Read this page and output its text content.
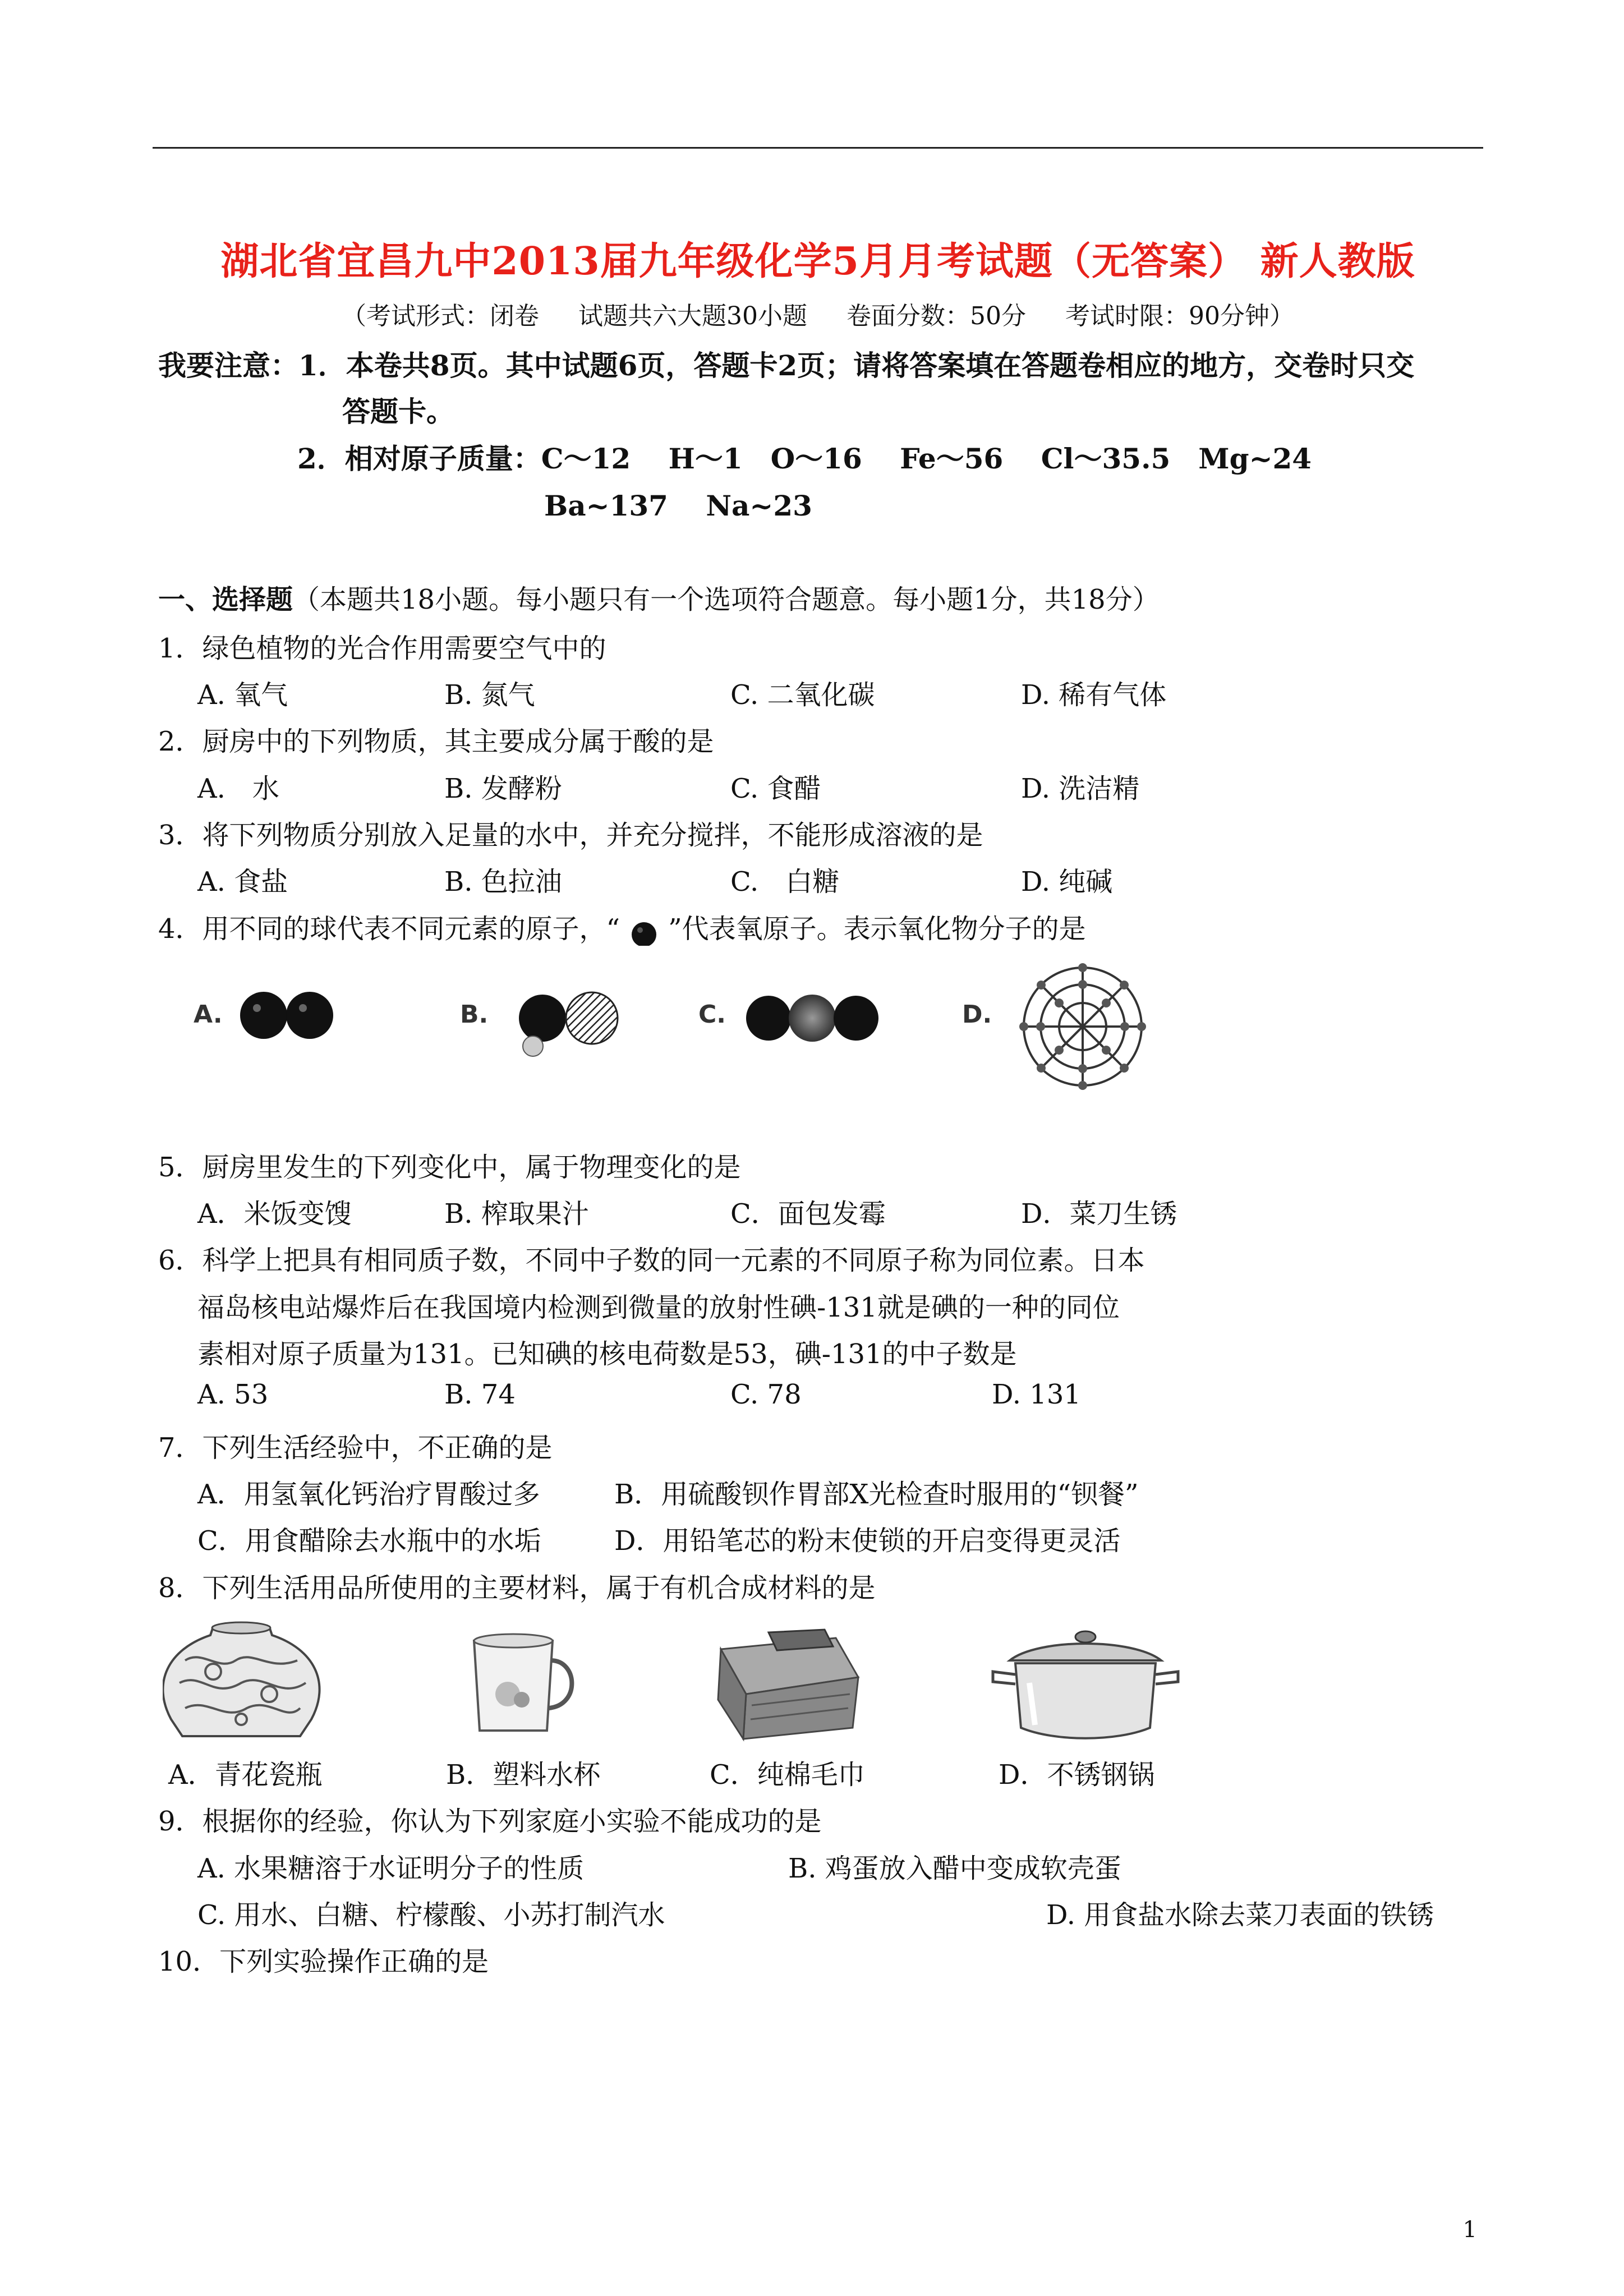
湖北省宜昌九中2013届九年级化学5月月考试题（无答案） 新人教版
（考试形式：闭卷 试题共六大题30小题 卷面分数：50分 考试时限：90分钟）
我要注意：1．本卷共8页。其中试题6页，答题卡2页；请将答案填在答题卷相应的地方，交卷时只交
答题卡。
2．相对原子质量：C～12　 H～1　O～16　 Fe～56　 Cl～35.5　Mg~24
Ba~137　 Na~23
一、选择题（本题共18小题。每小题只有一个选项符合题意。每小题1分，共18分）
1．绿色植物的光合作用需要空气中的
A. 氧气	B. 氮气	C. 二氧化碳	D. 稀有气体
2．厨房中的下列物质，其主要成分属于酸的是
A.　水	B. 发酵粉	C. 食醋	D. 洗洁精
3．将下列物质分别放入足量的水中，并充分搅拌，不能形成溶液的是
A. 食盐	B. 色拉油	C.　白糖	D. 纯碱
4．用不同的球代表不同元素的原子，“ ”代表氧原子。表示氧化物分子的是
A.	B.	C.	D.
5．厨房里发生的下列变化中，属于物理变化的是
A．米饭变馊	B. 榨取果汁	C．面包发霉	D．菜刀生锈
6．科学上把具有相同质子数，不同中子数的同一元素的不同原子称为同位素。日本
福岛核电站爆炸后在我国境内检测到微量的放射性碘-131就是碘的一种的同位
素相对原子质量为131。已知碘的核电荷数是53，碘-131的中子数是
A. 53	B. 74	C. 78	D. 131
7．下列生活经验中，不正确的是
A．用氢氧化钙治疗胃酸过多	B．用硫酸钡作胃部X光检查时服用的“钡餐”
C．用食醋除去水瓶中的水垢	D．用铅笔芯的粉末使锁的开启变得更灵活
8．下列生活用品所使用的主要材料，属于有机合成材料的是
A．青花瓷瓶	B．塑料水杯	C．纯棉毛巾	D．不锈钢锅
9．根据你的经验，你认为下列家庭小实验不能成功的是
A. 水果糖溶于水证明分子的性质	B. 鸡蛋放入醋中变成软壳蛋
C. 用水、白糖、柠檬酸、小苏打制汽水	D. 用食盐水除去菜刀表面的铁锈
10．下列实验操作正确的是
1
